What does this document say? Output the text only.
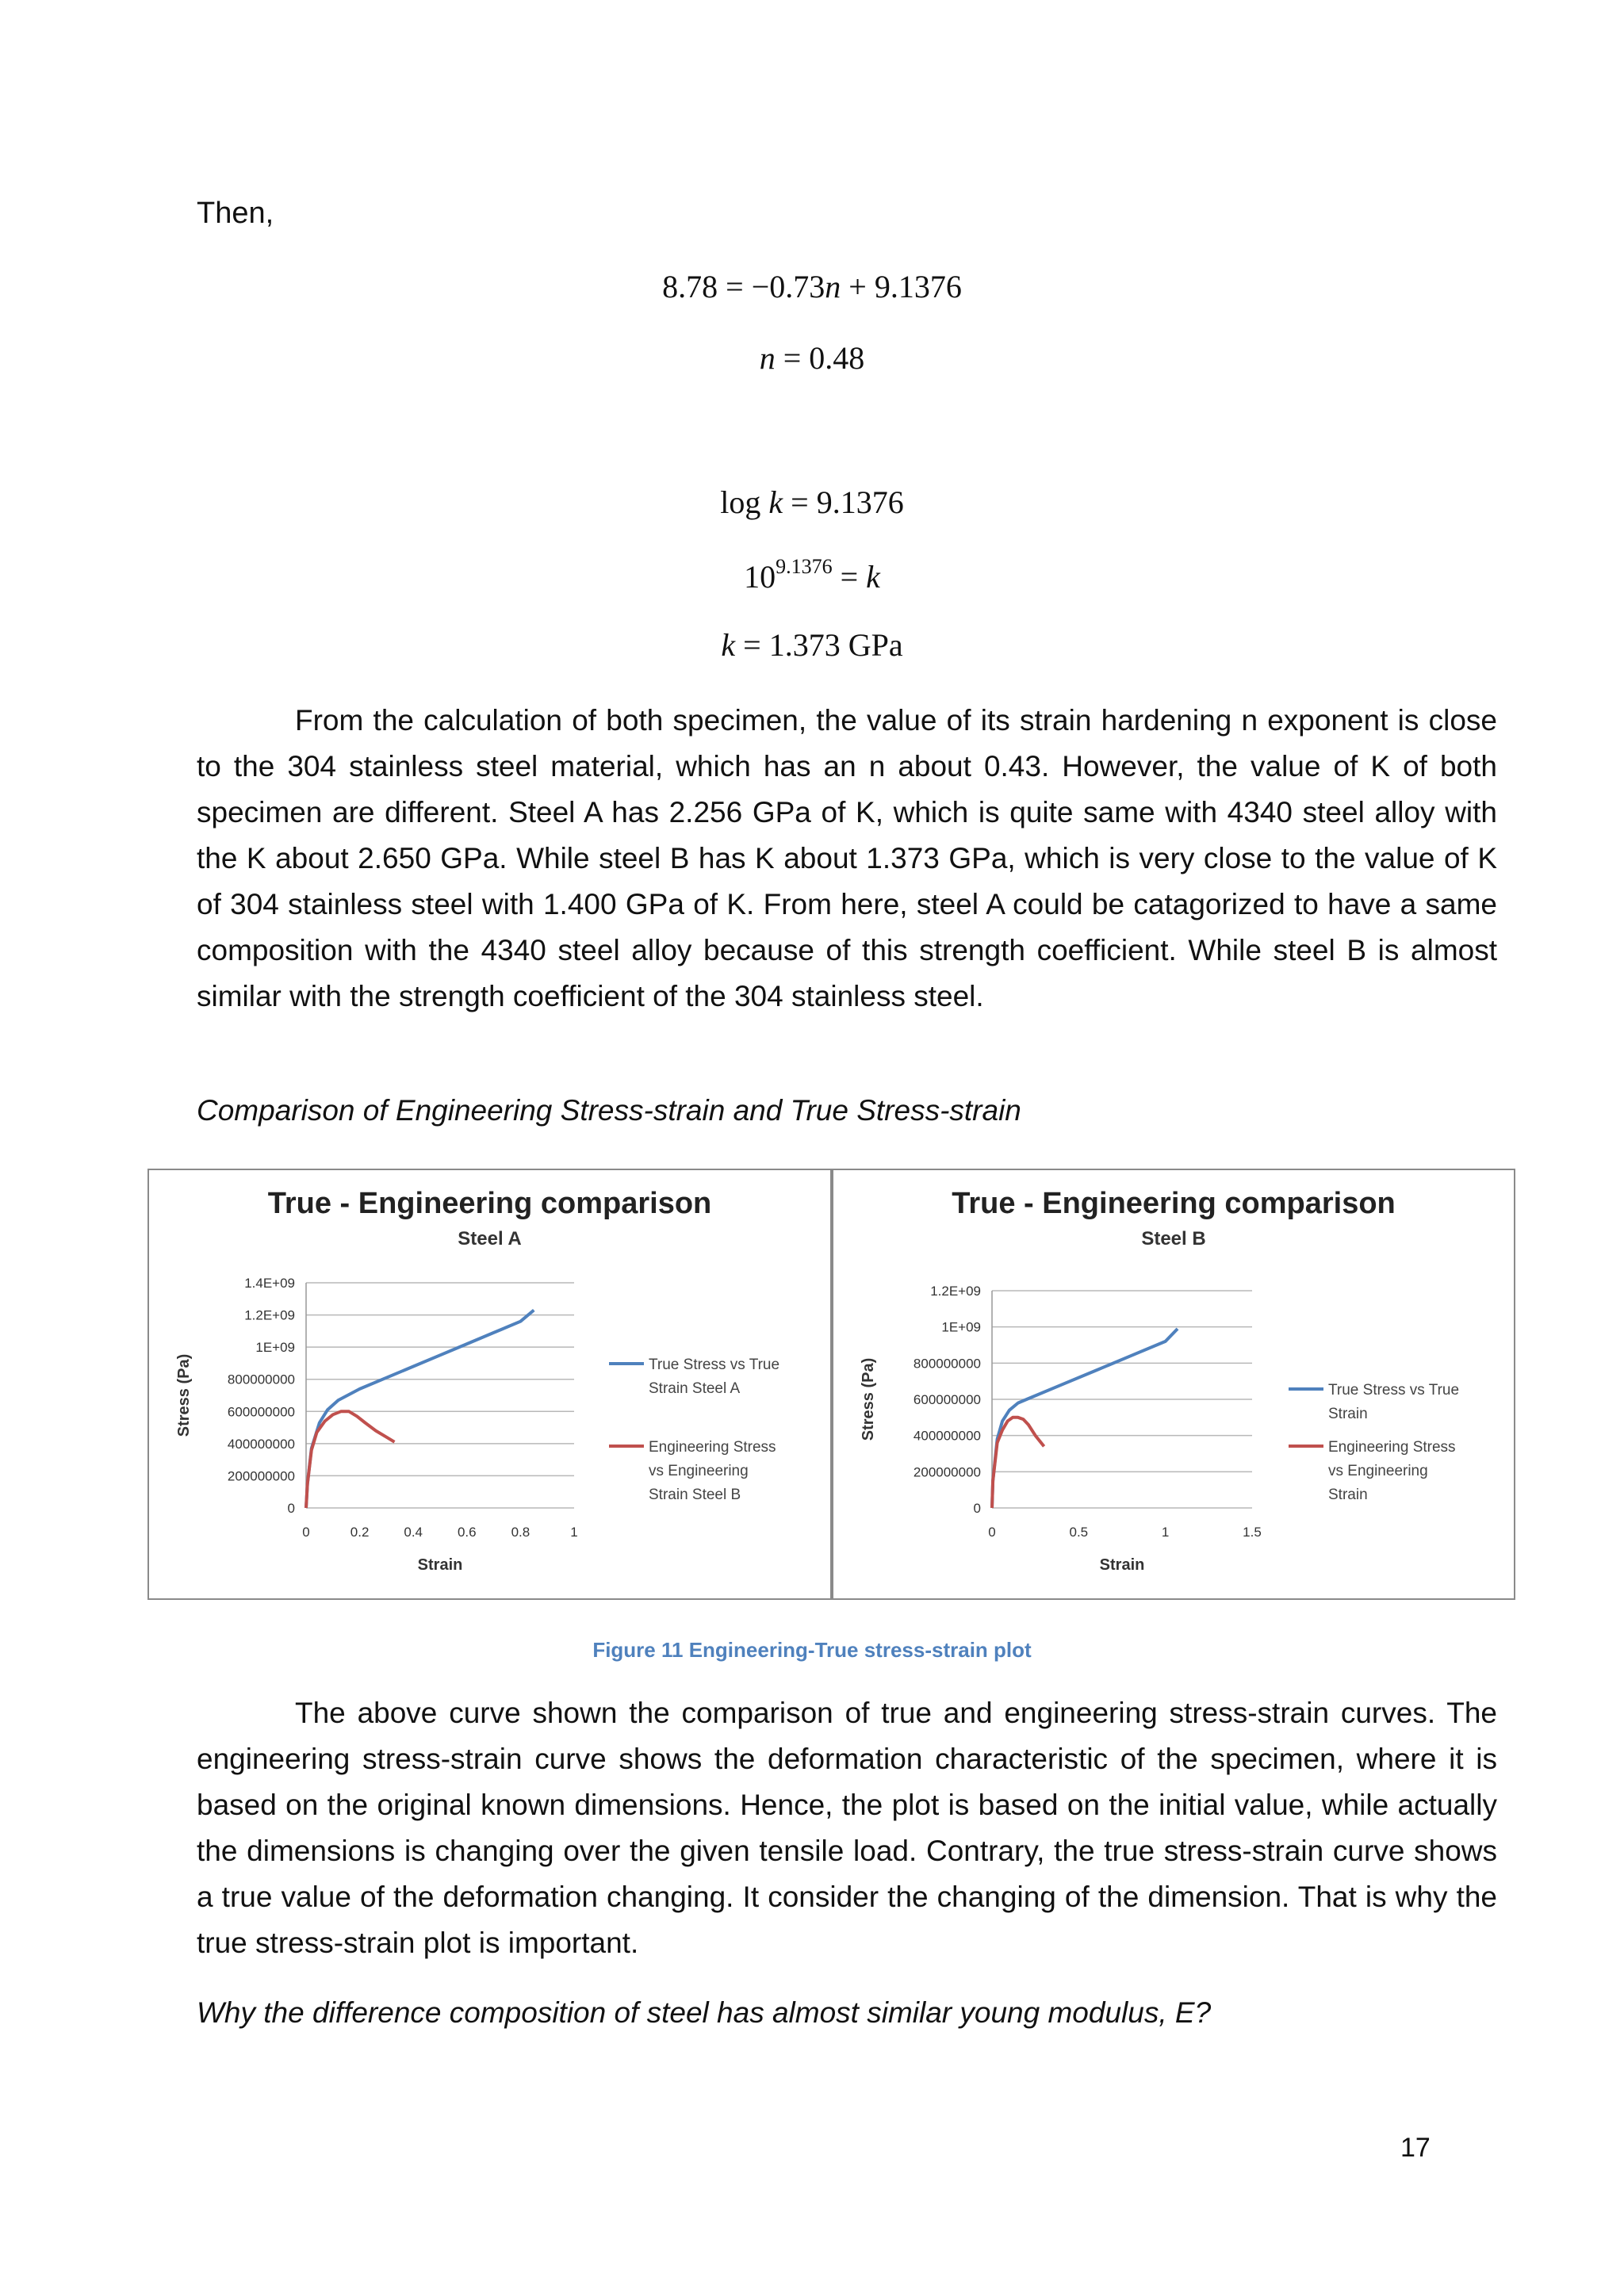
Then,
8.78 = −0.73n + 9.1376
n = 0.48
log k = 9.1376
$10^{9.1376} = k$
k = 1.373 GPa
From the calculation of both specimen, the value of its strain hardening n exponent is close to the 304 stainless steel material, which has an n about 0.43. However, the value of K of both specimen are different. Steel A has 2.256 GPa of K, which is quite same with 4340 steel alloy with the K about 2.650 GPa. While steel B has K about 1.373 GPa, which is very close to the value of K of 304 stainless steel with 1.400 GPa of K. From here, steel A could be catagorized to have a same composition with the 4340 steel alloy because of this strength coefficient. While steel B is almost similar with the strength coefficient of the 304 stainless steel.
Comparison of Engineering Stress-strain and True Stress-strain
True - Engineering comparison
Steel A
0
200000000
400000000
600000000
800000000
1E+09
1.2E+09
1.4E+09
0	0.2	0.4	0.6	0.8	1
Strain
Stress (Pa)	True Stress vs True Strain Steel A
Engineering Stress vs Engineering Strain Steel B
True - Engineering comparison
Steel B
0
200000000
400000000
600000000
800000000
1E+09
1.2E+09
0	0.5	1	1.5
Strain
Stress (Pa)	True Stress vs True Strain
Engineering Stress vs Engineering Strain
Figure 11 Engineering-True stress-strain plot
The above curve shown the comparison of true and engineering stress-strain curves. The engineering stress-strain curve shows the deformation characteristic of the specimen, where it is based on the original known dimensions. Hence, the plot is based on the initial value, while actually the dimensions is changing over the given tensile load. Contrary, the true stress-strain curve shows a true value of the deformation changing. It consider the changing of the dimension. That is why the true stress-strain plot is important.
Why the difference composition of steel has almost similar young modulus, E?
17
